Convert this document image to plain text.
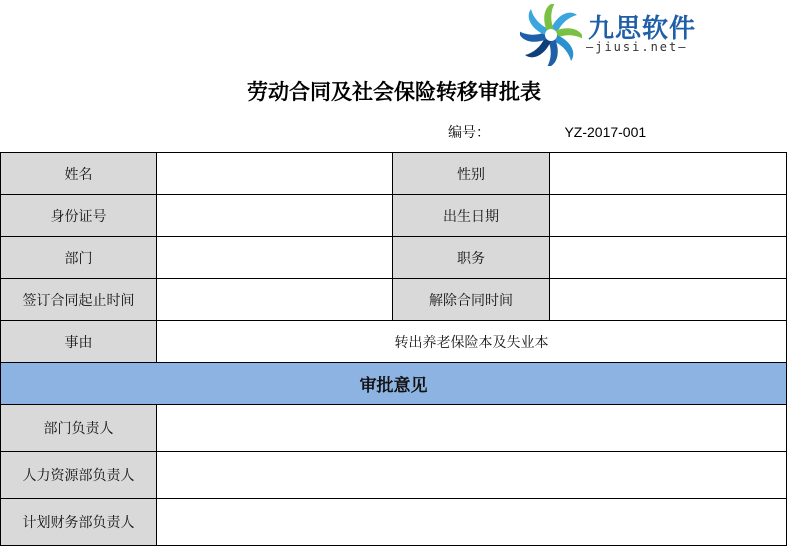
九思软件
—jiusi.net—
劳动合同及社会保险转移审批表
编号：	YZ-2017-001
姓名		性别	
身份证号		出生日期	
部门		职务	
签订合同起止时间		解除合同时间	
事由	转出养老保险本及失业本		
审批意见			
部门负责人			
人力资源部负责人			
计划财务部负责人			
